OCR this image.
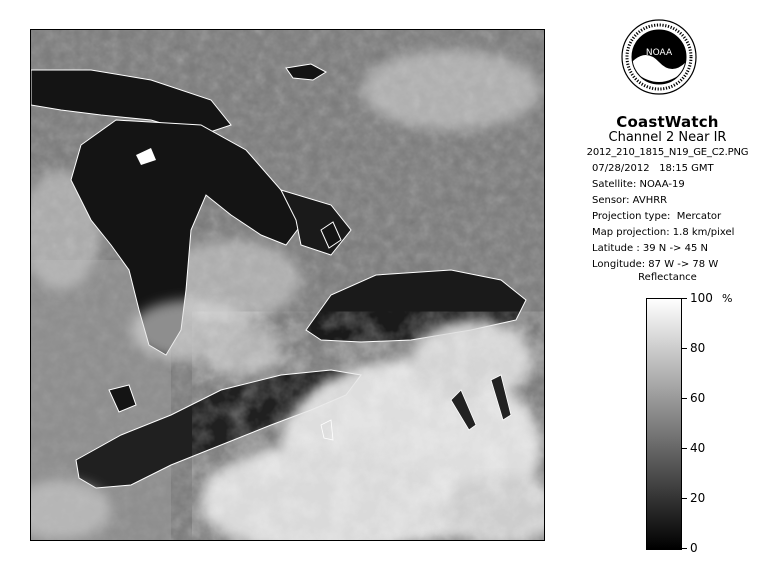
NOAA
CoastWatch
Channel 2 Near IR
2012_210_1815_N19_GE_C2.PNG
07/28/2012 18:15 GMT
Satellite: NOAA-19
Sensor: AVHRR
Projection type:  Mercator
Map projection: 1.8 km/pixel
Latitude : 39 N -> 45 N
Longitude: 87 W -> 78 W
Reflectance
%
100
80
60
40
20
0
